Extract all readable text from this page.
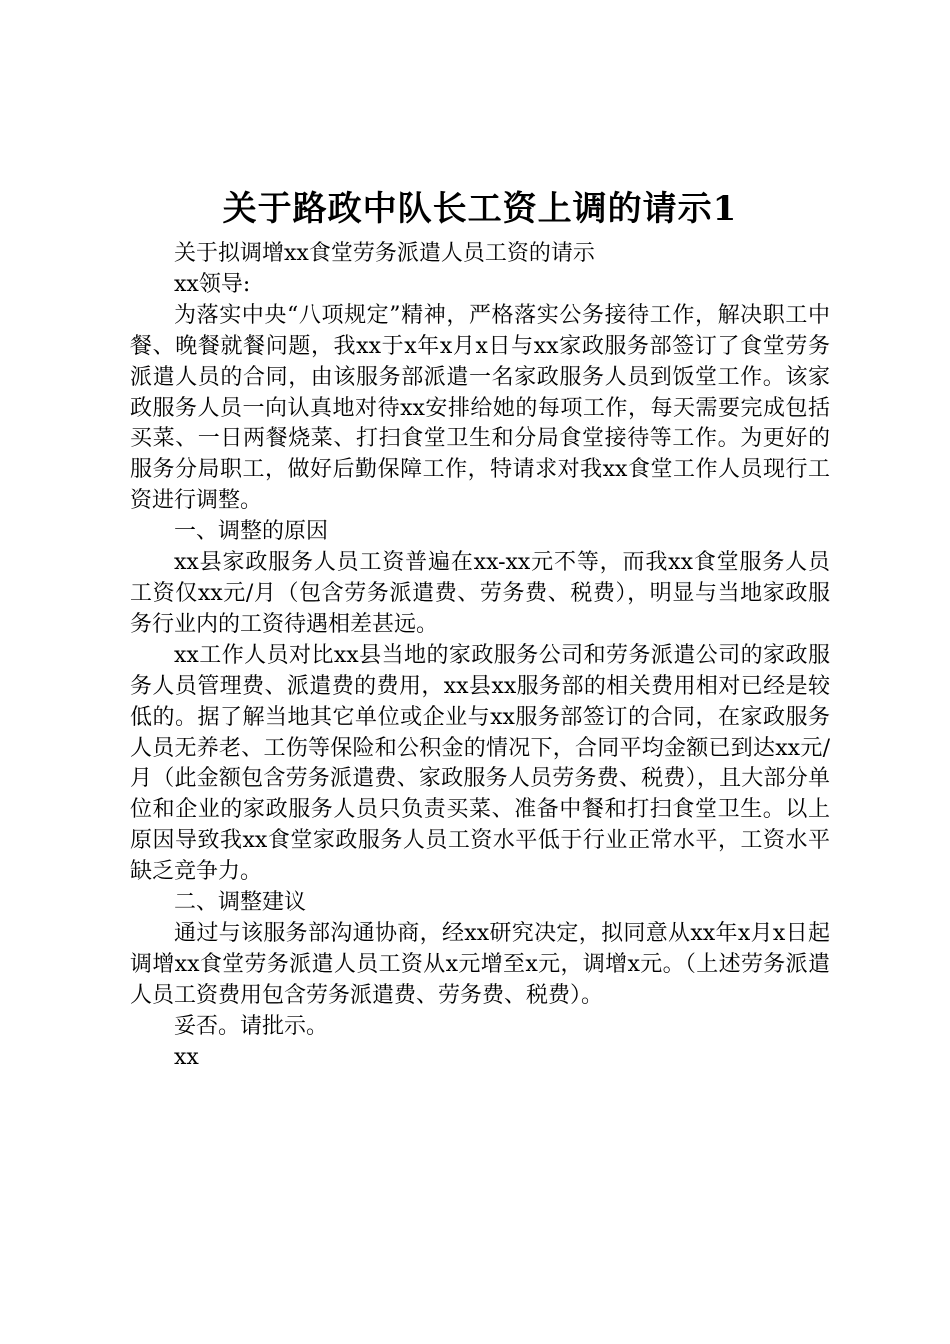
关于路政中队长工资上调的请示1

关于拟调增xx食堂劳务派遣人员工资的请示

xx领导:

为落实中央“八项规定”精神，严格落实公务接待工作，解决职工中餐、晚餐就餐问题，我xx于x年x月x日与xx家政服务部签订了食堂劳务派遣人员的合同，由该服务部派遣一名家政服务人员到饭堂工作。该家政服务人员一向认真地对待xx安排给她的每项工作，每天需要完成包括买菜、一日两餐烧菜、打扫食堂卫生和分局食堂接待等工作。为更好的服务分局职工，做好后勤保障工作，特请求对我xx食堂工作人员现行工资进行调整。

一、调整的原因

xx县家政服务人员工资普遍在xx-xx元不等，而我xx食堂服务人员工资仅xx元/月（包含劳务派遣费、劳务费、税费），明显与当地家政服务行业内的工资待遇相差甚远。

xx工作人员对比xx县当地的家政服务公司和劳务派遣公司的家政服务人员管理费、派遣费的费用，xx县xx服务部的相关费用相对已经是较低的。据了解当地其它单位或企业与xx服务部签订的合同，在家政服务人员无养老、工伤等保险和公积金的情况下，合同平均金额已到达xx元/月（此金额包含劳务派遣费、家政服务人员劳务费、税费），且大部分单位和企业的家政服务人员只负责买菜、准备中餐和打扫食堂卫生。以上原因导致我xx食堂家政服务人员工资水平低于行业正常水平，工资水平缺乏竞争力。

二、调整建议

通过与该服务部沟通协商，经xx研究决定，拟同意从xx年x月x日起调增xx食堂劳务派遣人员工资从x元增至x元，调增x元。（上述劳务派遣人员工资费用包含劳务派遣费、劳务费、税费）。

妥否。请批示。

xx
